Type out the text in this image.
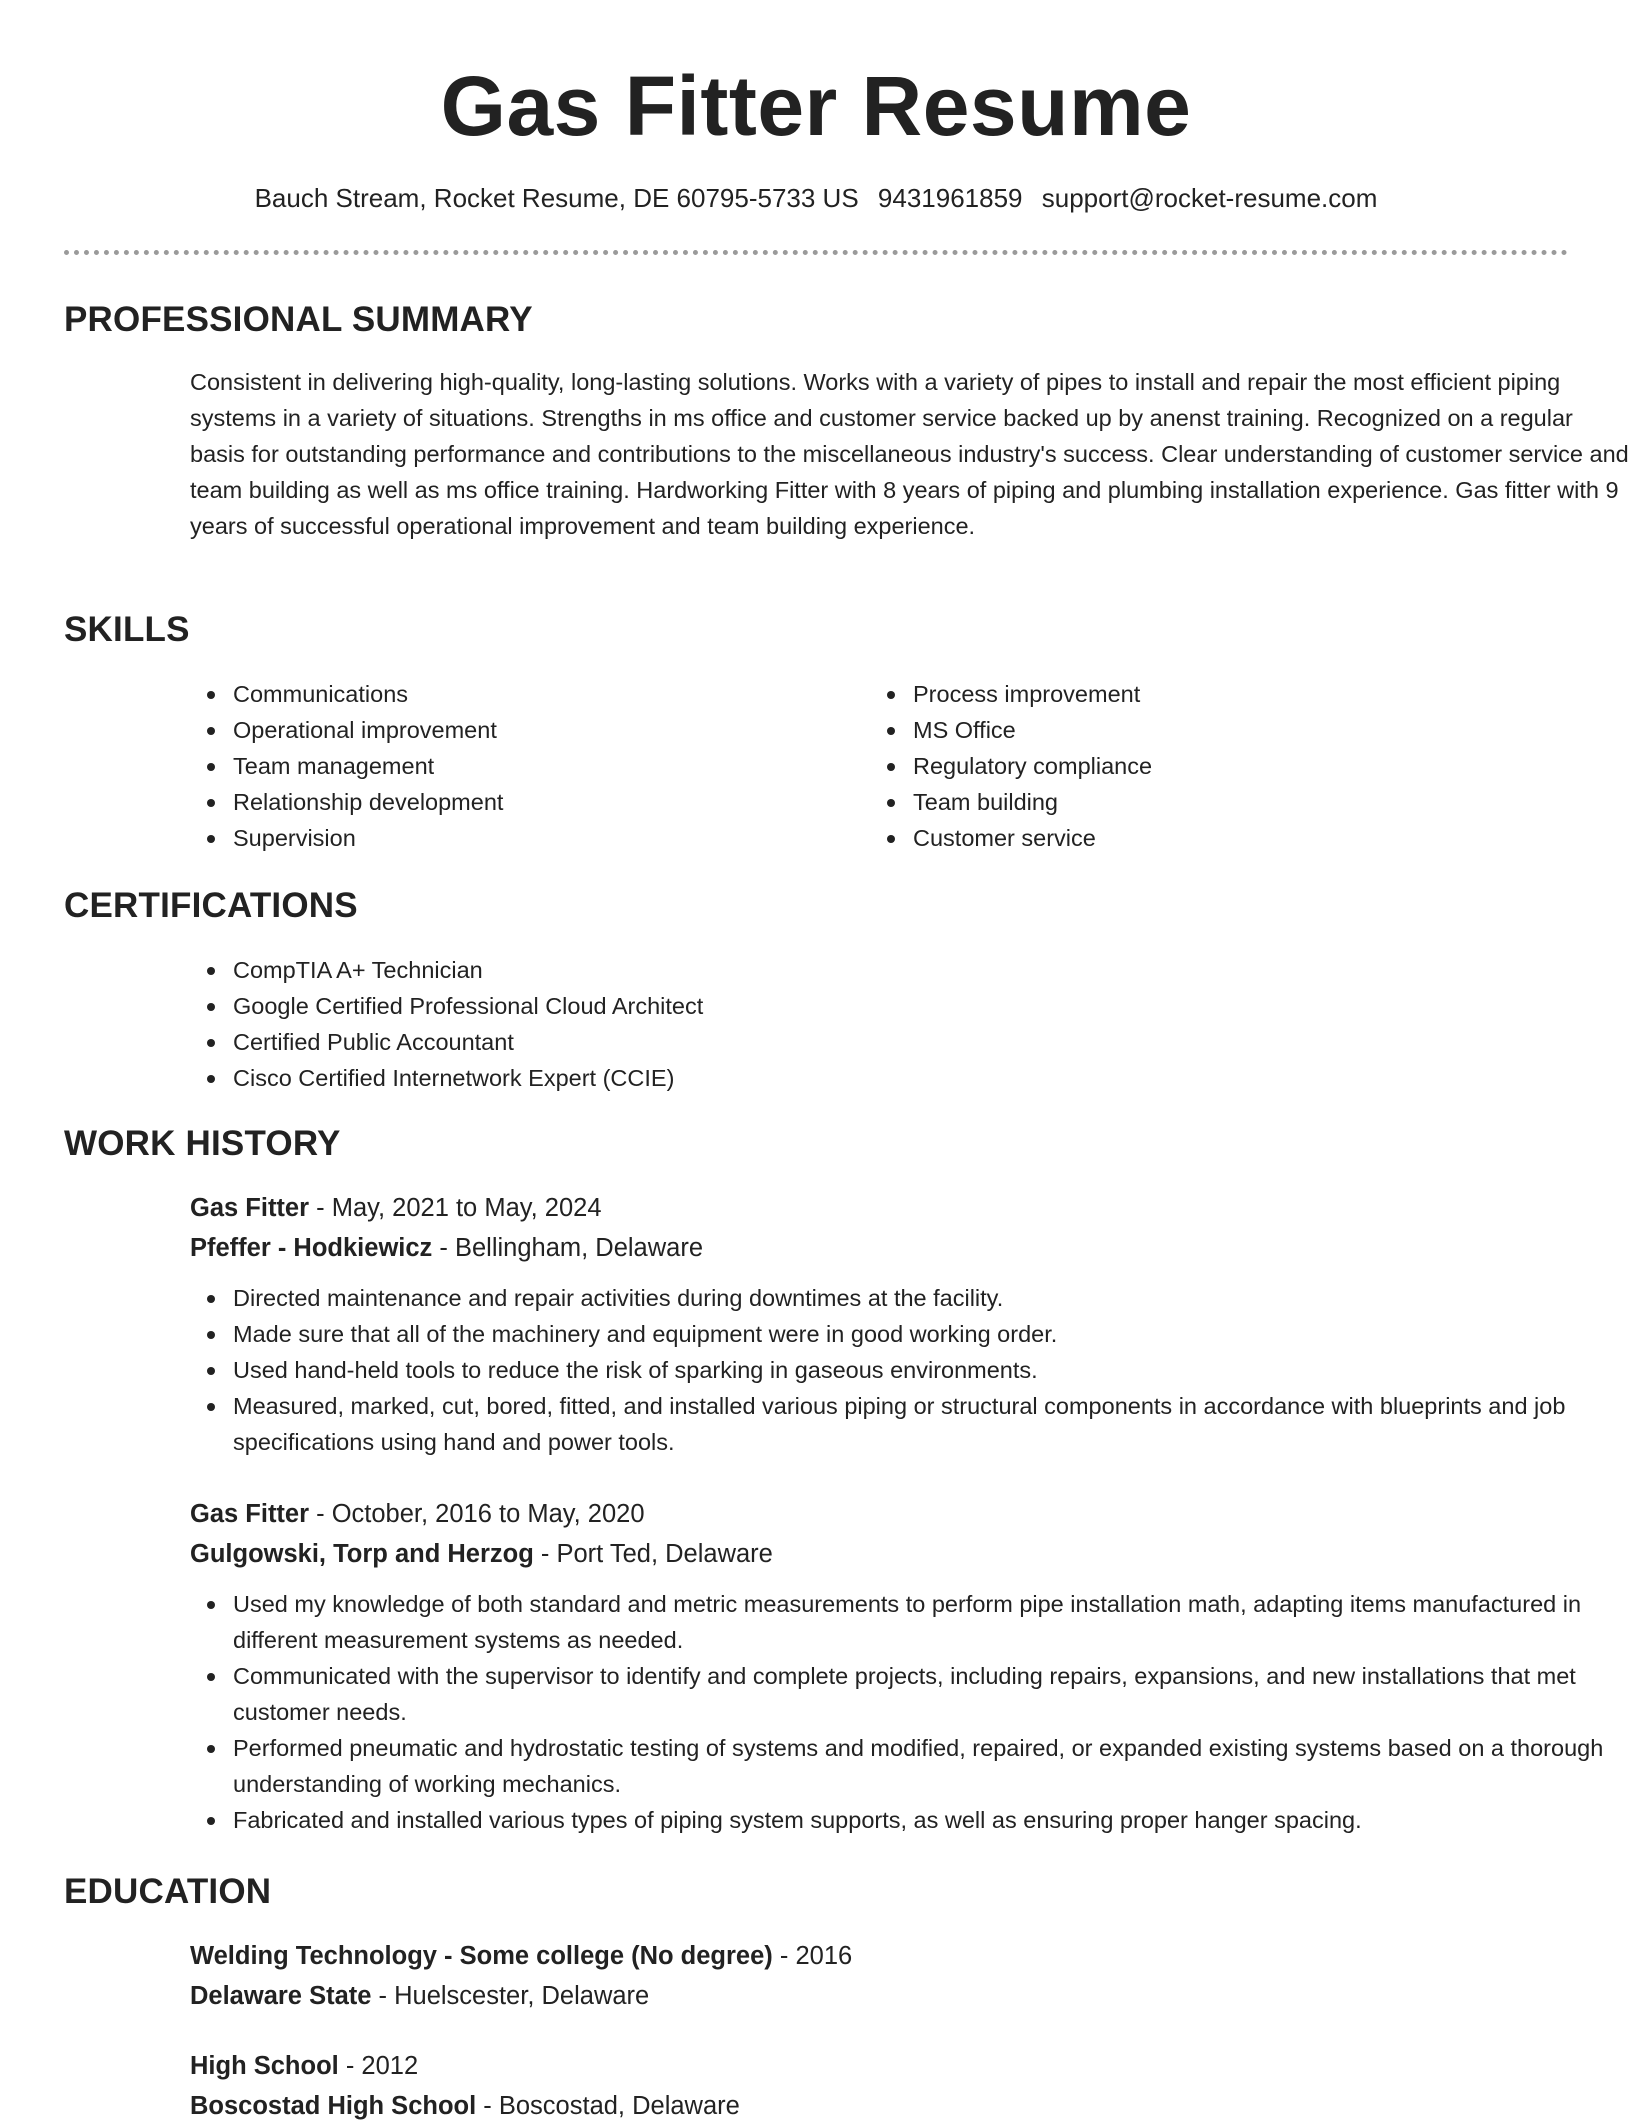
Gas Fitter Resume
Bauch Stream, Rocket Resume, DE 60795-5733 US 9431961859 support@rocket-resume.com
PROFESSIONAL SUMMARY

Consistent in delivering high-quality, long-lasting solutions. Works with a variety of pipes to install and repair the most efficient piping systems in a variety of situations. Strengths in ms office and customer service backed up by anenst training. Recognized on a regular basis for outstanding performance and contributions to the miscellaneous industry's success. Clear understanding of customer service and team building as well as ms office training. Hardworking Fitter with 8 years of piping and plumbing installation experience. Gas fitter with 9 years of successful operational improvement and team building experience.

SKILLS
Communications
Operational improvement
Team management
Relationship development
Supervision
Process improvement
MS Office
Regulatory compliance
Team building
Customer service
CERTIFICATIONS
CompTIA A+ Technician
Google Certified Professional Cloud Architect
Certified Public Accountant
Cisco Certified Internetwork Expert (CCIE)
WORK HISTORY

Gas Fitter - May, 2021 to May, 2024

Pfeffer - Hodkiewicz - Bellingham, Delaware

Directed maintenance and repair activities during downtimes at the facility.
Made sure that all of the machinery and equipment were in good working order.
Used hand-held tools to reduce the risk of sparking in gaseous environments.
Measured, marked, cut, bored, fitted, and installed various piping or structural components in accordance with blueprints and job specifications using hand and power tools.

Gas Fitter - October, 2016 to May, 2020

Gulgowski, Torp and Herzog - Port Ted, Delaware

Used my knowledge of both standard and metric measurements to perform pipe installation math, adapting items manufactured in different measurement systems as needed.
Communicated with the supervisor to identify and complete projects, including repairs, expansions, and new installations that met customer needs.
Performed pneumatic and hydrostatic testing of systems and modified, repaired, or expanded existing systems based on a thorough understanding of working mechanics.
Fabricated and installed various types of piping system supports, as well as ensuring proper hanger spacing.
EDUCATION

Welding Technology - Some college (No degree) - 2016

Delaware State - Huelscester, Delaware

High School - 2012

Boscostad High School - Boscostad, Delaware
